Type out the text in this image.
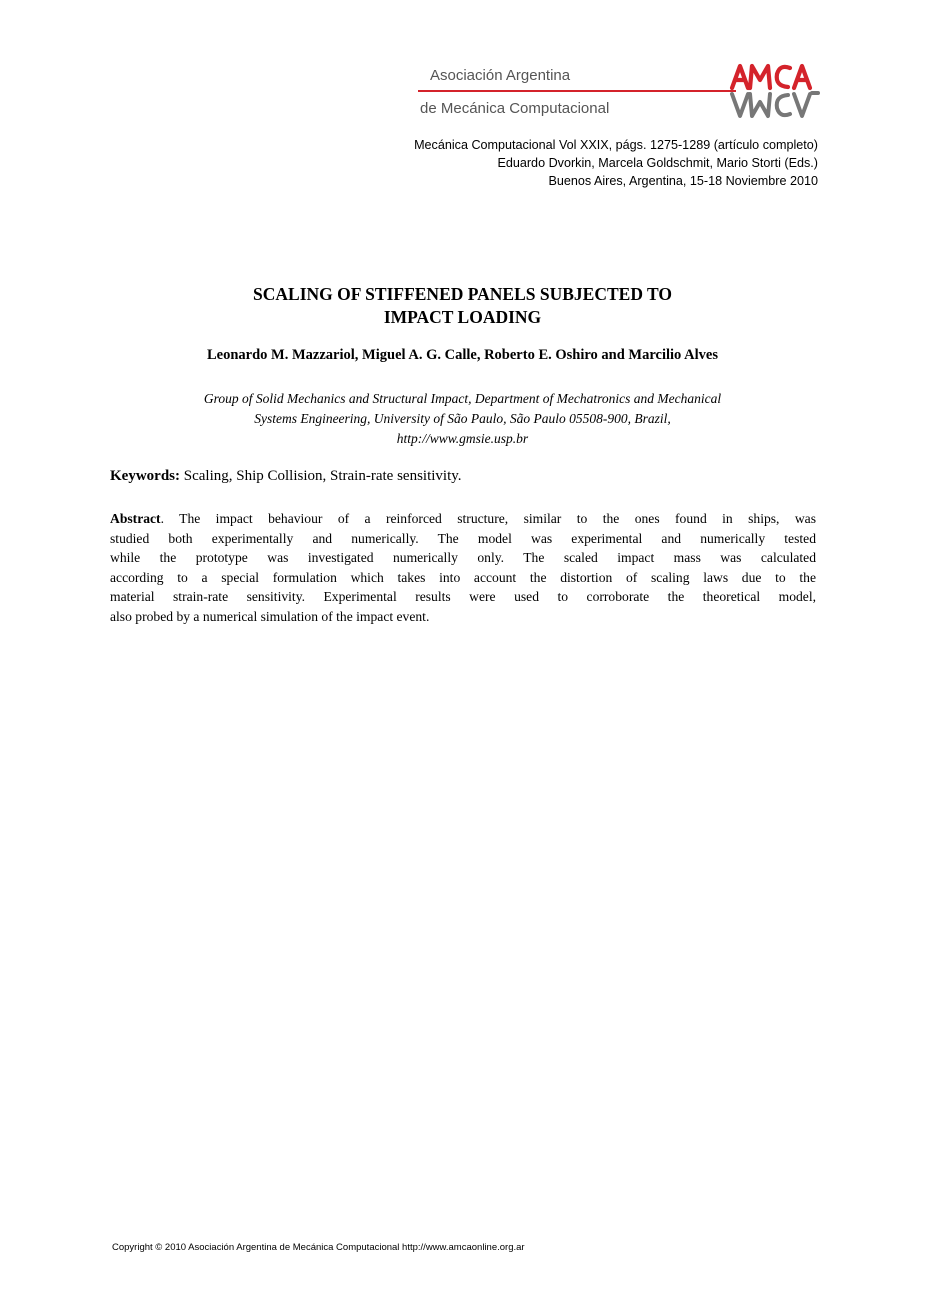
Asociación Argentina
de Mecánica Computacional
Mecánica Computacional Vol XXIX, págs. 1275-1289 (artículo completo)
Eduardo Dvorkin, Marcela Goldschmit, Mario Storti (Eds.)
Buenos Aires, Argentina, 15-18 Noviembre 2010
SCALING OF STIFFENED PANELS SUBJECTED TO
IMPACT LOADING
Leonardo M. Mazzariol, Miguel A. G. Calle, Roberto E. Oshiro and Marcilio Alves
Group of Solid Mechanics and Structural Impact, Department of Mechatronics and Mechanical
Systems Engineering, University of São Paulo, São Paulo 05508-900, Brazil,
http://www.gmsie.usp.br
Keywords: Scaling, Ship Collision, Strain-rate sensitivity.
Abstract. The impact behaviour of a reinforced structure, similar to the ones found in ships, was
studied both experimentally and numerically. The model was experimental and numerically tested
while the prototype was investigated numerically only. The scaled impact mass was calculated
according to a special formulation which takes into account the distortion of scaling laws due to the
material strain-rate sensitivity. Experimental results were used to corroborate the theoretical model,
also probed by a numerical simulation of the impact event.
Copyright © 2010 Asociación Argentina de Mecánica Computacional http://www.amcaonline.org.ar
